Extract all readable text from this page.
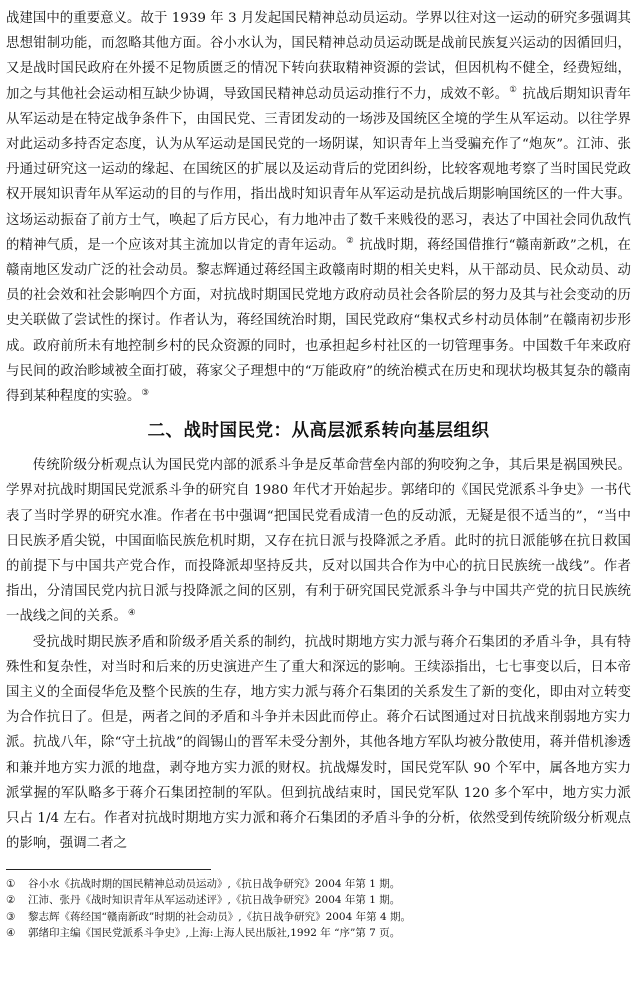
战建国中的重要意义。故于 1939 年 3 月发起国民精神总动员运动。学界以往对这一运动的研究多强调其思想钳制功能，而忽略其他方面。谷小水认为，国民精神总动员运动既是战前民族复兴运动的因循回归，又是战时国民政府在外援不足物质匮乏的情况下转向获取精神资源的尝试，但因机构不健全，经费短绌，加之与其他社会运动相互缺少协调，导致国民精神总动员运动推行不力，成效不彰。① 抗战后期知识青年从军运动是在特定战争条件下，由国民党、三青团发动的一场涉及国统区全境的学生从军运动。以往学界对此运动多持否定态度，认为从军运动是国民党的一场阴谋，知识青年上当受骗充作了“炮灰”。江沛、张丹通过研究这一运动的缘起、在国统区的扩展以及运动背后的党团纠纷，比较客观地考察了当时国民党政权开展知识青年从军运动的目的与作用，指出战时知识青年从军运动是抗战后期影响国统区的一件大事。这场运动振奋了前方士气，唤起了后方民心，有力地冲击了数千来贱役的恶习，表达了中国社会同仇敌忾的精神气质，是一个应该对其主流加以肯定的青年运动。② 抗战时期，蒋经国借推行“赣南新政”之机，在赣南地区发动广泛的社会动员。黎志辉通过蒋经国主政赣南时期的相关史料，从干部动员、民众动员、动员的社会效和社会影响四个方面，对抗战时期国民党地方政府动员社会各阶层的努力及其与社会变动的历史关联做了尝试性的探讨。作者认为，蒋经国统治时期，国民党政府“集权式乡村动员体制”在赣南初步形成。政府前所未有地控制乡村的民众资源的同时，也承担起乡村社区的一切管理事务。中国数千年来政府与民间的政治畛域被全面打破，蒋家父子理想中的“万能政府”的统治模式在历史和现状均极其复杂的赣南得到某种程度的实验。③

二、战时国民党：从高层派系转向基层组织

传统阶级分析观点认为国民党内部的派系斗争是反革命营垒内部的狗咬狗之争，其后果是祸国殃民。学界对抗战时期国民党派系斗争的研究自 1980 年代才开始起步。郭绪印的《国民党派系斗争史》一书代表了当时学界的研究水准。作者在书中强调“把国民党看成清一色的反动派，无疑是很不适当的”，“当中日民族矛盾尖锐，中国面临民族危机时期，又存在抗日派与投降派之矛盾。此时的抗日派能够在抗日救国的前提下与中国共产党合作，而投降派却坚持反共，反对以国共合作为中心的抗日民族统一战线”。作者指出，分清国民党内抗日派与投降派之间的区别，有利于研究国民党派系斗争与中国共产党的抗日民族统一战线之间的关系。④

受抗战时期民族矛盾和阶级矛盾关系的制约，抗战时期地方实力派与蒋介石集团的矛盾斗争，具有特殊性和复杂性，对当时和后来的历史演进产生了重大和深远的影响。王续添指出，七七事变以后，日本帝国主义的全面侵华危及整个民族的生存，地方实力派与蒋介石集团的关系发生了新的变化，即由对立转变为合作抗日了。但是，两者之间的矛盾和斗争并未因此而停止。蒋介石试图通过对日抗战来削弱地方实力派。抗战八年，除“守土抗战”的阎锡山的晋军未受分割外，其他各地方军队均被分散使用，蒋并借机渗透和兼并地方实力派的地盘，剥夺地方实力派的财权。抗战爆发时，国民党军队 90 个军中，属各地方实力派掌握的军队略多于蒋介石集团控制的军队。但到抗战结束时，国民党军队 120 多个军中，地方实力派只占 1/4 左右。作者对抗战时期地方实力派和蒋介石集团的矛盾斗争的分析，依然受到传统阶级分析观点的影响，强调二者之

① 谷小水《抗战时期的国民精神总动员运动》,《抗日战争研究》2004 年第 1 期。
② 江沛、张丹《战时知识青年从军运动述评》,《抗日战争研究》2004 年第 1 期。
③ 黎志辉《蒋经国“赣南新政”时期的社会动员》,《抗日战争研究》2004 年第 4 期。
④ 郭绪印主编《国民党派系斗争史》,上海:上海人民出版社,1992 年 “序”第 7 页。
